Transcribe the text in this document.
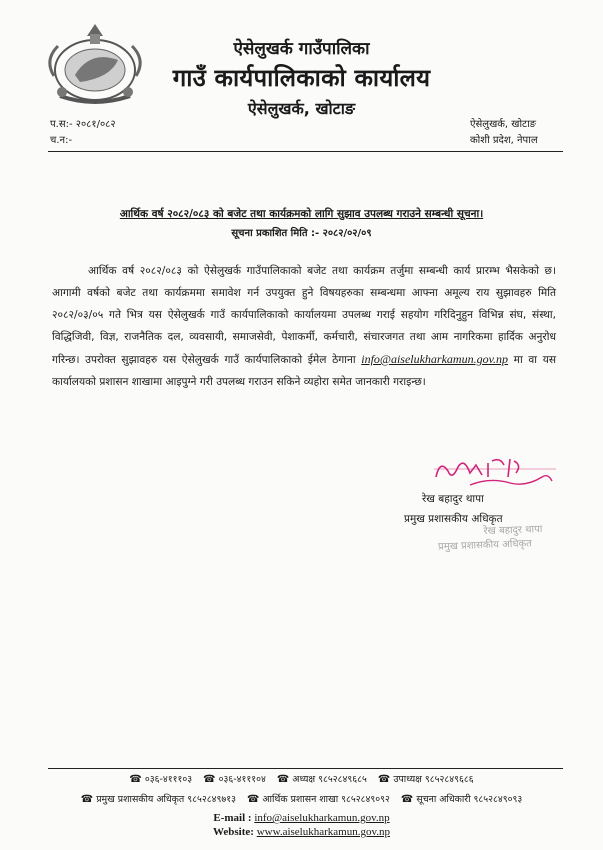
ऐसेलुखर्क गाउँपालिका
गाउँ कार्यपालिकाको कार्यालय
ऐसेलुखर्क, खोटाङ
प.स:- २०८१/०८२
च.न:-
ऐसेलुखर्क, खोटाङ
कोशी प्रदेश, नेपाल
आर्थिक वर्ष २०८२/०८३ को बजेट तथा कार्यक्रमको लागि सुझाव उपलब्ध गराउने सम्बन्धी सूचना।
सूचना प्रकाशित मिति :- २०८२/०२/०९
आर्थिक वर्ष २०८२/०८३ को ऐसेलुखर्क गाउँपालिकाको बजेट तथा कार्यक्रम तर्जुमा सम्बन्धी कार्य प्रारम्भ भैसकेको छ। आगामी वर्षको बजेट तथा कार्यक्रममा समावेश गर्न उपयुक्त हुने विषयहरुका सम्बन्धमा आफ्ना अमूल्य राय सुझावहरु मिति २०८२/०३/०५ गते भित्र यस ऐसेलुखर्क गाउँ कार्यपालिकाको कार्यालयमा उपलब्ध गराई सहयोग गरिदिनुहुन विभिन्न संघ, संस्था, विद्धिजिवी, विज्ञ, राजनैतिक दल, व्यवसायी, समाजसेवी, पेशाकर्मी, कर्मचारी, संचारजगत तथा आम नागरिकमा हार्दिक अनुरोध गरिन्छ। उपरोक्त सुझावहरु यस ऐसेलुखर्क गाउँ कार्यपालिकाको ईमेल ठेगाना info@aiselukharkamun.gov.np मा वा यस कार्यालयको प्रशासन शाखामा आइपुग्ने गरी उपलब्ध गराउन सकिने व्यहोरा समेत जानकारी गराइन्छ।
रेख बहादुर थापा
प्रमुख प्रशासकीय अधिकृत
रेख बहादुर थापा
प्रमुख प्रशासकीय अधिकृत
☎ ०३६-४१११०३ ☎ ०३६-४१११०४ ☎ अध्यक्ष ९८५२८४९६८५ ☎ उपाध्यक्ष ९८५२८४९६८६
☎ प्रमुख प्रशासकीय अधिकृत ९८५२८४९७१३ ☎ आर्थिक प्रशासन शाखा ९८५२८४९०९२ ☎ सूचना अधिकारी ९८५२८४९०९३
E-mail : info@aiselukharkamun.gov.np
Website: www.aiselukharkamun.gov.np
